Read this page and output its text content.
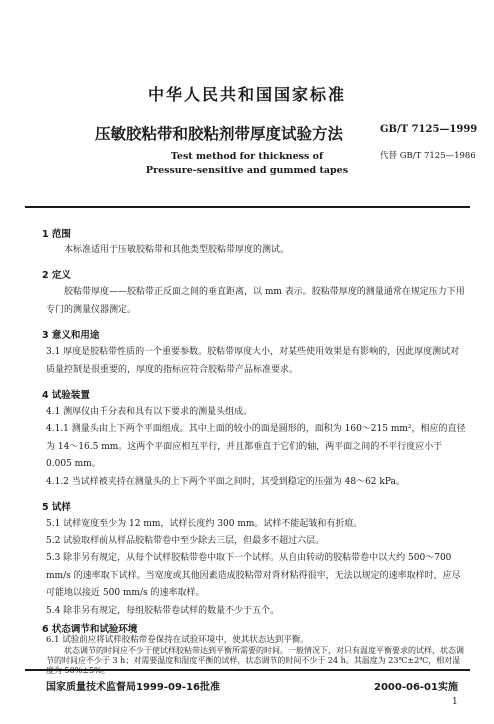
中华人民共和国国家标准
压敏胶粘带和胶粘剂带厚度试验方法	GB/T 7125—1999
Test method for thickness of	代替 GB/T 7125—1986
Pressure-sensitive and gummed tapes
1 范围
本标准适用于压敏胶粘带和其他类型胶粘带厚度的测试。
2 定义
胶粘带厚度——胶粘带正反面之间的垂直距离，以 mm 表示。胶粘带厚度的测量通常在规定压力下用专门的测量仪器测定。
3 意义和用途
3.1 厚度是胶粘带性质的一个重要参数。胶粘带厚度大小，对某些使用效果是有影响的，因此厚度测试对质量控制是很重要的，厚度的指标应符合胶粘带产品标准要求。
4 试验装置
4.1 测厚仪由千分表和具有以下要求的测量头组成。
4.1.1 测量头由上下两个平面组成。其中上面的较小的面是圆形的，面积为 160～215 mm²，相应的直径为 14～16.5 mm。这两个平面应相互平行，并且都垂直于它们的轴，两平面之间的不平行度应小于 0.005 mm。
4.1.2 当试样被夹持在测量头的上下两个平面之间时，其受到稳定的压强为 48～62 kPa。
5 试样
5.1 试样宽度至少为 12 mm，试样长度约 300 mm。试样不能起皱和有折痕。
5.2 试验取样前从样品胶粘带卷中至少除去三层，但最多不超过六层。
5.3 除非另有规定，从每个试样胶粘带卷中取下一个试样。从自由转动的胶粘带卷中以大约 500～700 mm/s 的速率取下试样。当宽度或其他因素造成胶粘带对背材粘得很牢，无法以规定的速率取样时，应尽可能地以接近 500 mm/s 的速率取样。
5.4 除非另有规定，每组胶粘带卷试样的数量不少于五个。
6 状态调节和试验环境
6.1 试验前应将试样胶粘带卷保持在试验环境中，使其状态达到平衡。
状态调节的时间应不少于使试样胶粘带达到平衡所需要的时间。一般情况下，对只有温度平衡要求的试样，状态调节的时间应不少于 3 h；对需要温度和湿度平衡的试样，状态调节的时间不少于 24 h。其温度为 23℃±2℃，相对湿
国家质量技术监督局1999-09-16批准	2000-06-01实施
1
